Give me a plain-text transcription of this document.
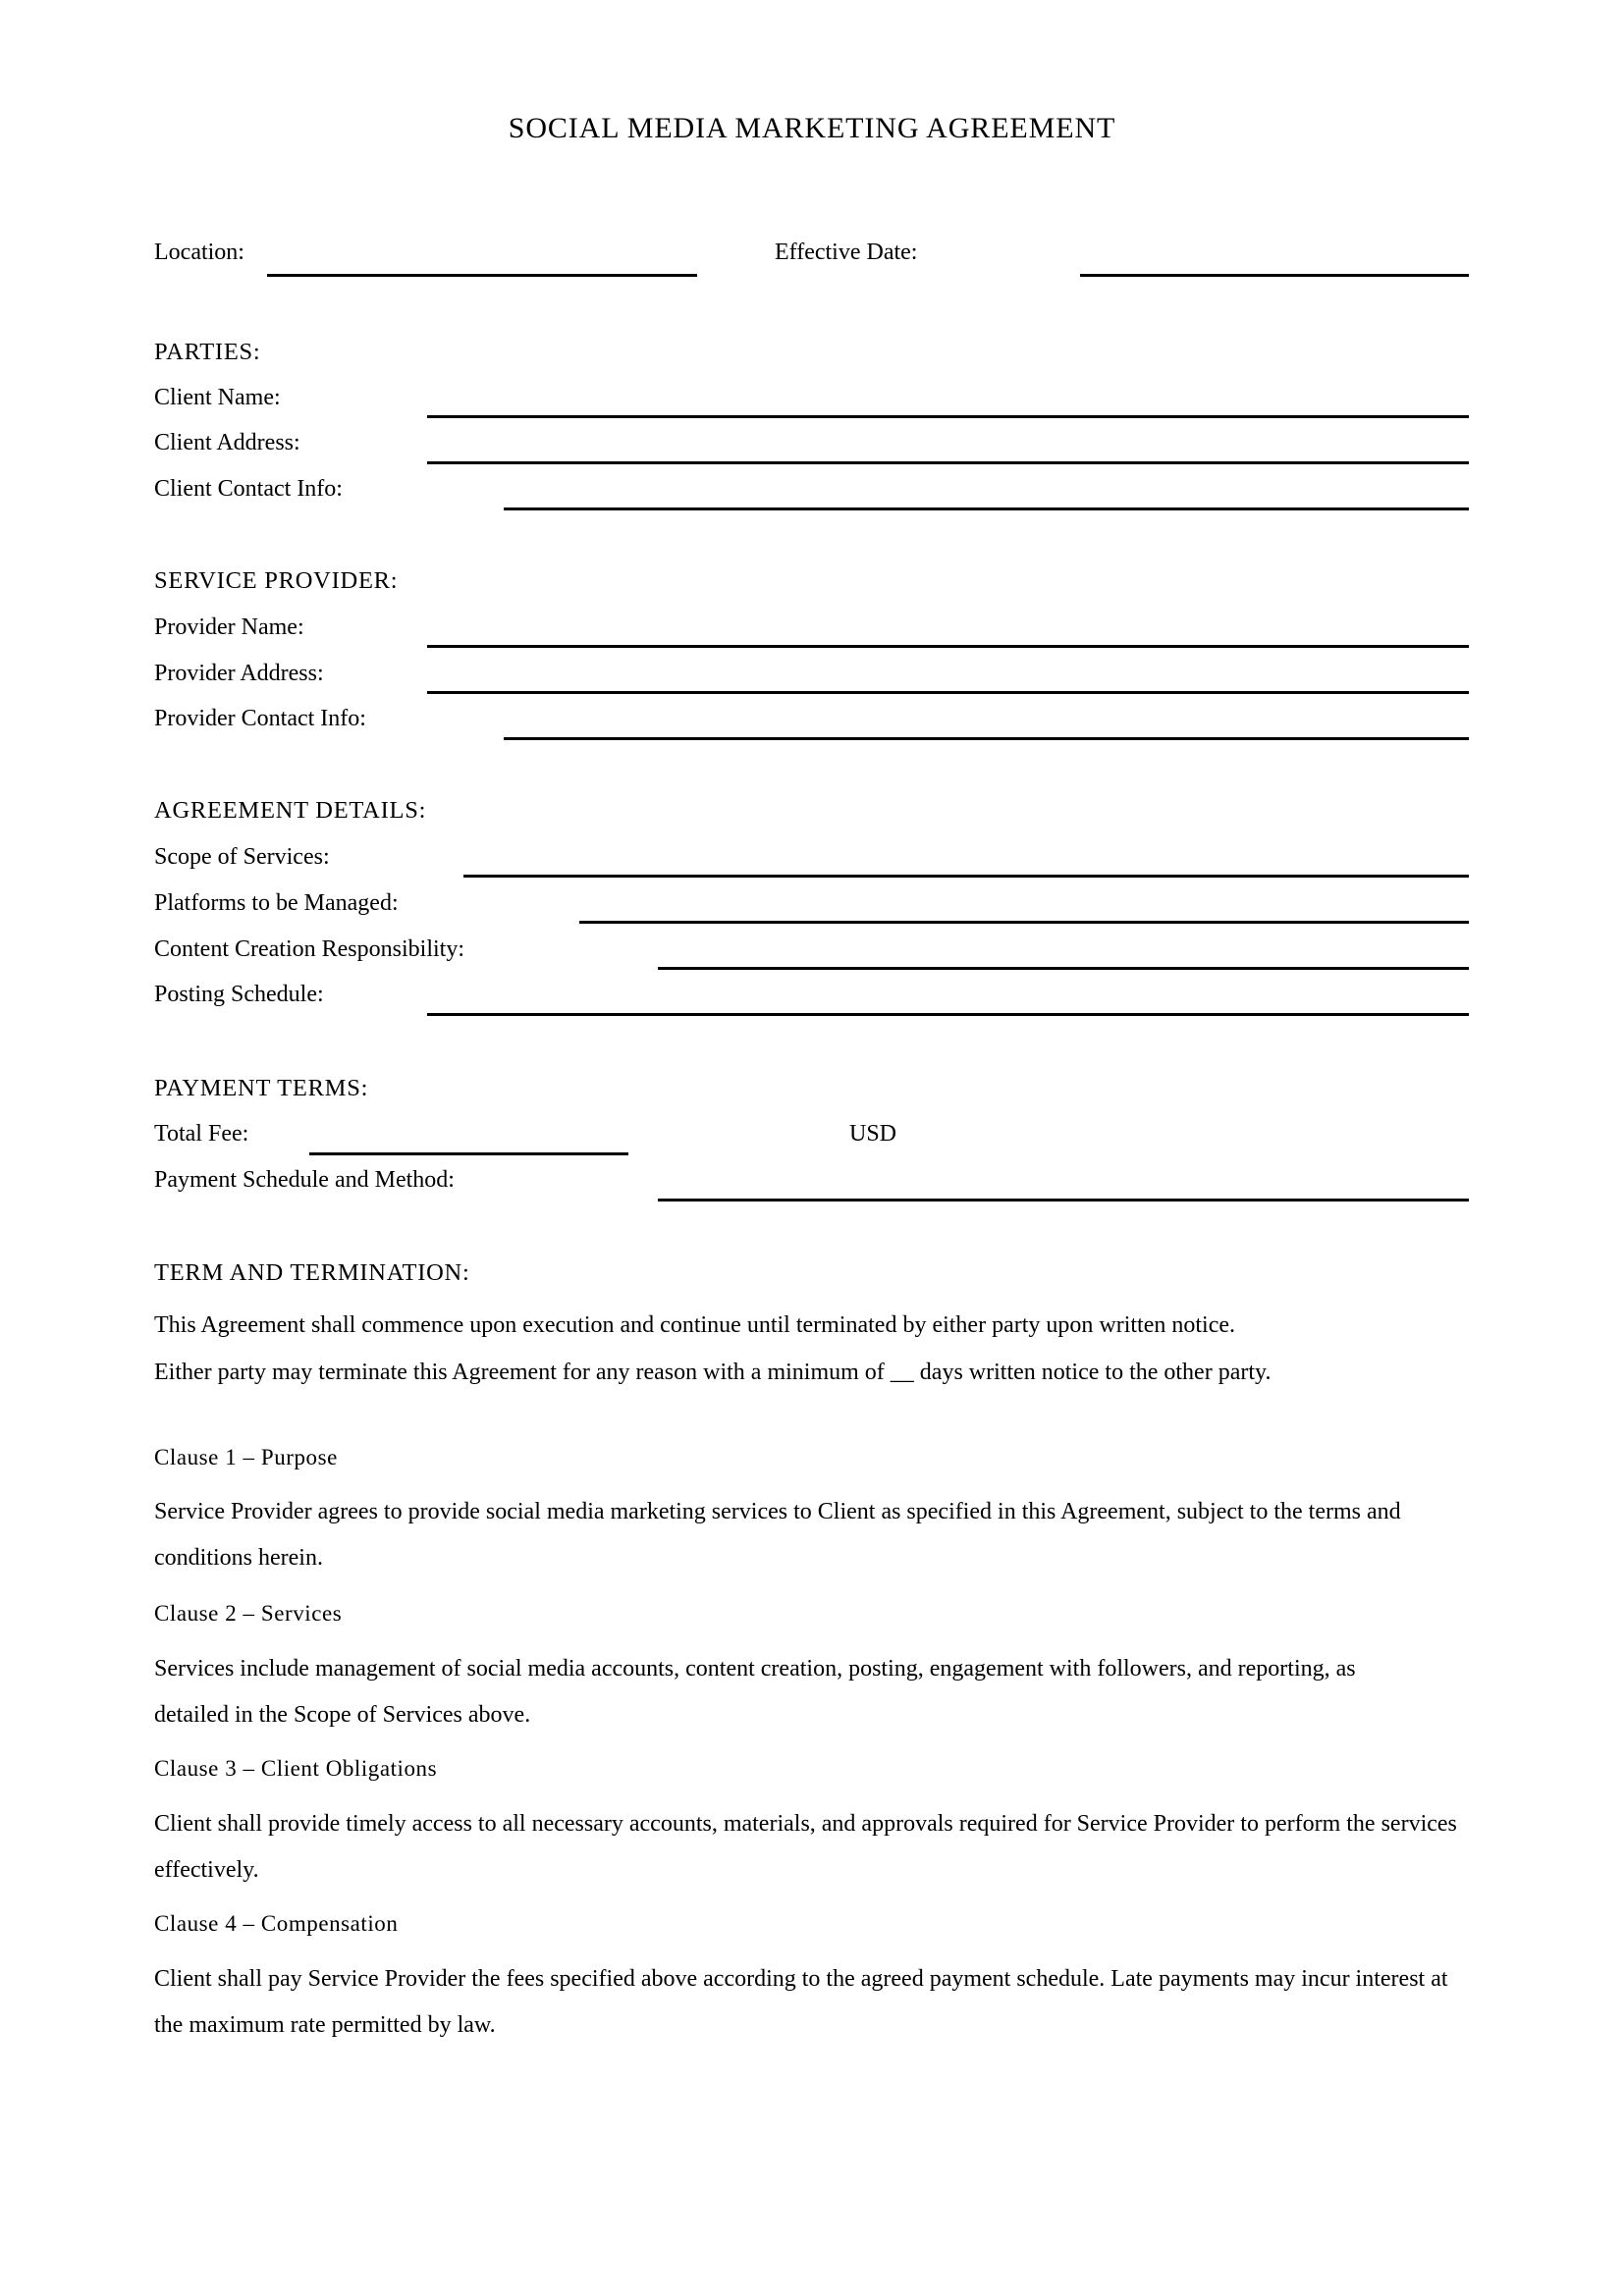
SOCIAL MEDIA MARKETING AGREEMENT
Location:	Effective Date:
PARTIES:
Client Name:
Client Address:
Client Contact Info:
SERVICE PROVIDER:
Provider Name:
Provider Address:
Provider Contact Info:
AGREEMENT DETAILS:
Scope of Services:
Platforms to be Managed:
Content Creation Responsibility:
Posting Schedule:
PAYMENT TERMS:
Total Fee:	USD
Payment Schedule and Method:
TERM AND TERMINATION:
This Agreement shall commence upon execution and continue until terminated by either party upon written notice.
Either party may terminate this Agreement for any reason with a minimum of __ days written notice to the other party.
Clause 1 – Purpose
Service Provider agrees to provide social media marketing services to Client as specified in this Agreement, subject to the terms and conditions herein.
Clause 2 – Services
Services include management of social media accounts, content creation, posting, engagement with followers, and reporting, as detailed in the Scope of Services above.
Clause 3 – Client Obligations
Client shall provide timely access to all necessary accounts, materials, and approvals required for Service Provider to perform the services effectively.
Clause 4 – Compensation
Client shall pay Service Provider the fees specified above according to the agreed payment schedule. Late payments may incur interest at the maximum rate permitted by law.
